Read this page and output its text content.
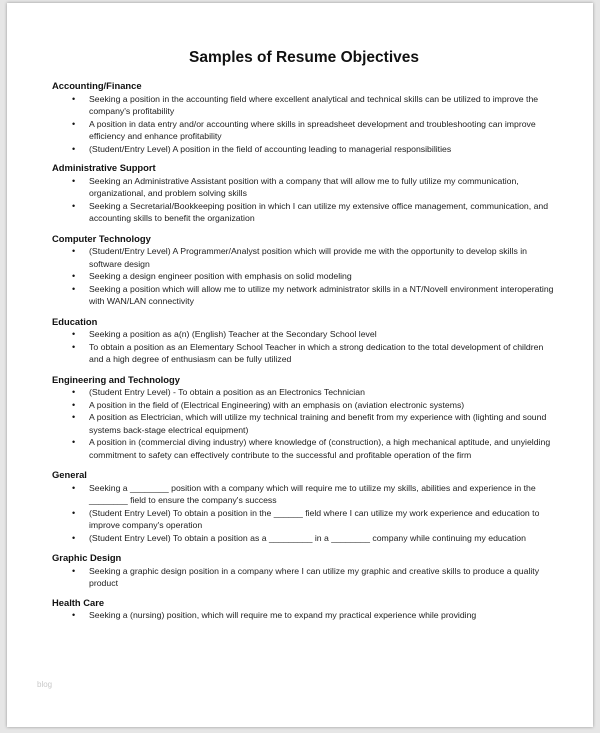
Samples of Resume Objectives

Accounting/Finance

• Seeking a position in the accounting field where excellent analytical and technical skills can be utilized to improve the company's profitability
• A position in data entry and/or accounting where skills in spreadsheet development and troubleshooting can improve efficiency and enhance profitability
• (Student/Entry Level) A position in the field of accounting leading to managerial responsibilities

Administrative Support

• Seeking an Administrative Assistant position with a company that will allow me to fully utilize my communication, organizational, and problem solving skills
• Seeking a Secretarial/Bookkeeping position in which I can utilize my extensive office management, communication, and accounting skills to benefit the organization

Computer Technology

• (Student/Entry Level) A Programmer/Analyst position which will provide me with the opportunity to develop skills in software design
• Seeking a design engineer position with emphasis on solid modeling
• Seeking a position which will allow me to utilize my network administrator skills in a NT/Novell environment interoperating with WAN/LAN connectivity

Education

• Seeking a position as a(n) (English) Teacher at the Secondary School level
• To obtain a position as an Elementary School Teacher in which a strong dedication to the total development of children and a high degree of enthusiasm can be fully utilized

Engineering and Technology

• (Student Entry Level) - To obtain a position as an Electronics Technician
• A position in the field of (Electrical Engineering) with an emphasis on (aviation electronic systems)
• A position as Electrician, which will utilize my technical training and benefit from my experience with (lighting and sound systems back-stage electrical equipment)
• A position in (commercial diving industry) where knowledge of (construction), a high mechanical aptitude, and unyielding commitment to safety can effectively contribute to the successful and profitable operation of the firm

General

• Seeking a ________ position with a company which will require me to utilize my skills, abilities and experience in the ________ field to ensure the company's success
• (Student Entry Level) To obtain a position in the ______ field where I can utilize my work experience and education to improve company's operation
• (Student Entry Level) To obtain a position as a _________ in a ________ company while continuing my education

Graphic Design

• Seeking a graphic design position in a company where I can utilize my graphic and creative skills to produce a quality product

Health Care

• Seeking a (nursing) position, which will require me to expand my practical experience while providing
blog
